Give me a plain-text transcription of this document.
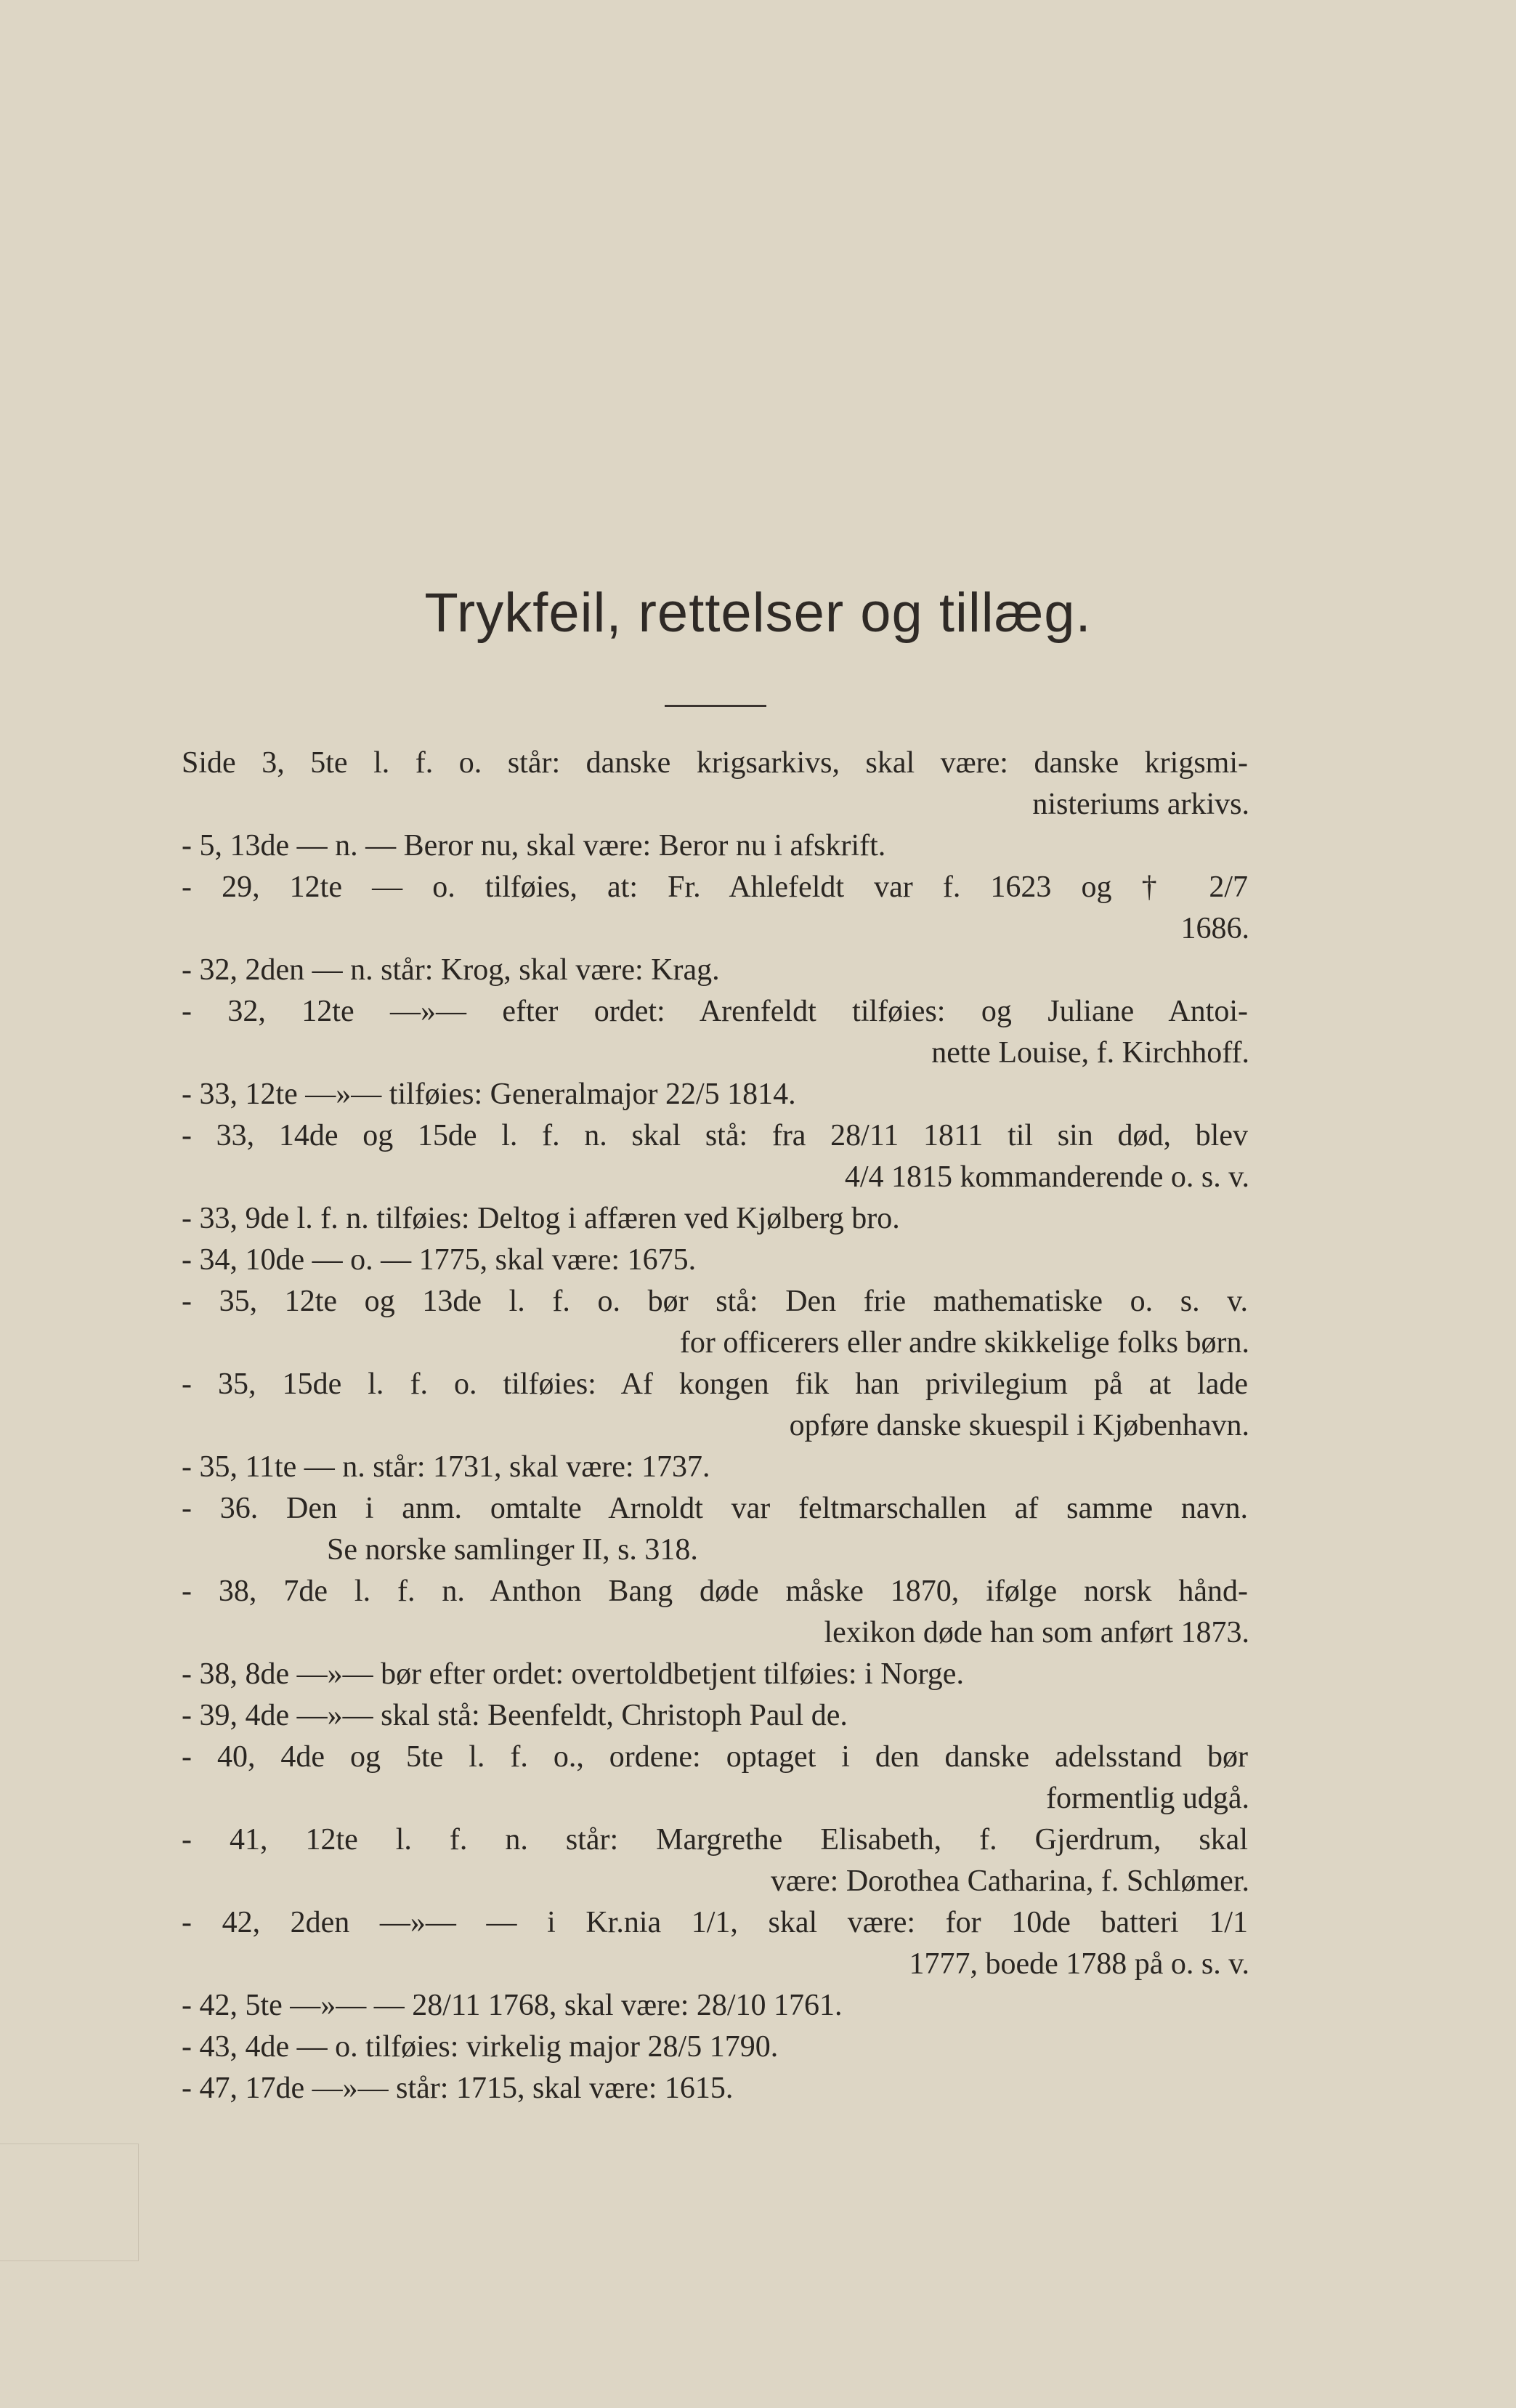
Trykfeil, rettelser og tillæg.
Side 3, 5te l. f. o. står: danske krigsarkivs, skal være: danske krigsmi-
nisteriums arkivs.
- 5, 13de — n. — Beror nu, skal være: Beror nu i afskrift.
- 29, 12te — o. tilføies, at: Fr. Ahlefeldt var f. 1623 og † 2/7
1686.
- 32, 2den — n. står: Krog, skal være: Krag.
- 32, 12te —»— efter ordet: Arenfeldt tilføies: og Juliane Antoi-
nette Louise, f. Kirchhoff.
- 33, 12te —»— tilføies: Generalmajor 22/5 1814.
- 33, 14de og 15de l. f. n. skal stå: fra 28/11 1811 til sin død, blev
4/4 1815 kommanderende o. s. v.
- 33, 9de l. f. n. tilføies: Deltog i affæren ved Kjølberg bro.
- 34, 10de — o. — 1775, skal være: 1675.
- 35, 12te og 13de l. f. o. bør stå: Den frie mathematiske o. s. v.
for officerers eller andre skikkelige folks børn.
- 35, 15de l. f. o. tilføies: Af kongen fik han privilegium på at lade
opføre danske skuespil i Kjøbenhavn.
- 35, 11te — n. står: 1731, skal være: 1737.
- 36. Den i anm. omtalte Arnoldt var feltmarschallen af samme navn.
Se norske samlinger II, s. 318.
- 38, 7de l. f. n. Anthon Bang døde måske 1870, ifølge norsk hånd-
lexikon døde han som anført 1873.
- 38, 8de —»— bør efter ordet: overtoldbetjent tilføies: i Norge.
- 39, 4de —»— skal stå: Beenfeldt, Christoph Paul de.
- 40, 4de og 5te l. f. o., ordene: optaget i den danske adelsstand bør
formentlig udgå.
- 41, 12te l. f. n. står: Margrethe Elisabeth, f. Gjerdrum, skal
være: Dorothea Catharina, f. Schlømer.
- 42, 2den —»— — i Kr.nia 1/1, skal være: for 10de batteri 1/1
1777, boede 1788 på o. s. v.
- 42, 5te —»— — 28/11 1768, skal være: 28/10 1761.
- 43, 4de — o. tilføies: virkelig major 28/5 1790.
- 47, 17de —»— står: 1715, skal være: 1615.
